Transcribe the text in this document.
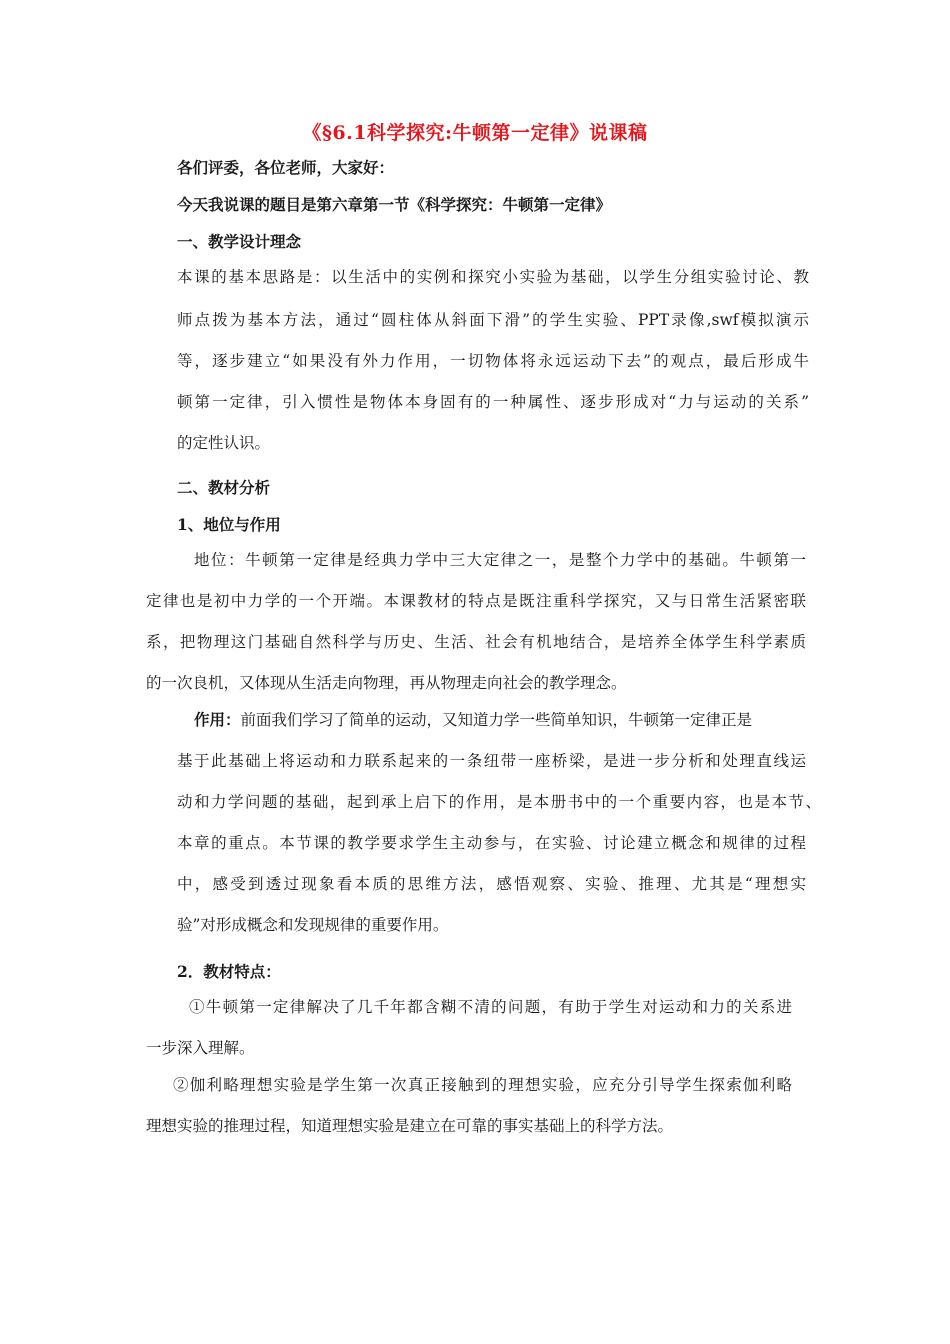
《§6.1科学探究:牛顿第一定律》说课稿
各们评委，各位老师，大家好：
今天我说课的题目是第六章第一节《科学探究：牛顿第一定律》
一、教学设计理念
本课的基本思路是：以生活中的实例和探究小实验为基础，以学生分组实验讨论、教
师点拨为基本方法，通过“圆柱体从斜面下滑”的学生实验、PPT录像,swf模拟演示
等，逐步建立“如果没有外力作用，一切物体将永远运动下去”的观点，最后形成牛
顿第一定律，引入惯性是物体本身固有的一种属性、逐步形成对“力与运动的关系”
的定性认识。
二、教材分析
1、地位与作用
地位：牛顿第一定律是经典力学中三大定律之一，是整个力学中的基础。牛顿第一
定律也是初中力学的一个开端。本课教材的特点是既注重科学探究，又与日常生活紧密联
系，把物理这门基础自然科学与历史、生活、社会有机地结合，是培养全体学生科学素质
的一次良机，又体现从生活走向物理，再从物理走向社会的教学理念。
作用：前面我们学习了简单的运动，又知道力学一些简单知识，牛顿第一定律正是
基于此基础上将运动和力联系起来的一条纽带一座桥梁，是进一步分析和处理直线运
动和力学问题的基础，起到承上启下的作用，是本册书中的一个重要内容，也是本节、
本章的重点。本节课的教学要求学生主动参与，在实验、讨论建立概念和规律的过程
中，感受到透过现象看本质的思维方法，感悟观察、实验、推理、尤其是“理想实
验”对形成概念和发现规律的重要作用。
2．教材特点：
①牛顿第一定律解决了几千年都含糊不清的问题，有助于学生对运动和力的关系进
一步深入理解。
②伽利略理想实验是学生第一次真正接触到的理想实验，应充分引导学生探索伽利略
理想实验的推理过程，知道理想实验是建立在可靠的事实基础上的科学方法。
